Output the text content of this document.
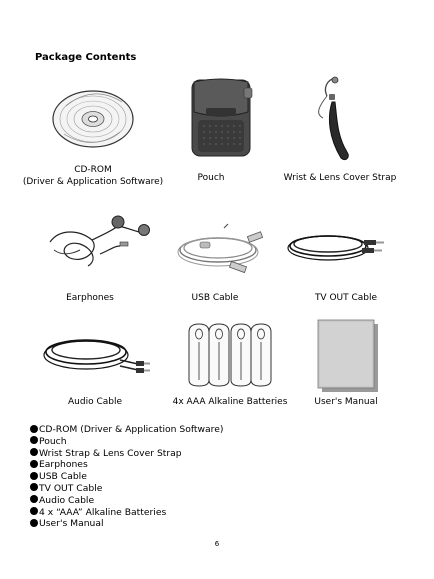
Package Contents
CD-ROM
(Driver & Application Software)	Pouch	Wrist & Lens Cover Strap
Earphones	USB Cable	TV OUT Cable
Audio Cable	4x AAA Alkaline Batteries	User's Manual
CD-ROM (Driver & Application Software)
Pouch
Wrist Strap & Lens Cover Strap
Earphones
USB Cable
TV OUT Cable
Audio Cable
4 x “AAA” Alkaline Batteries
User's Manual
6
